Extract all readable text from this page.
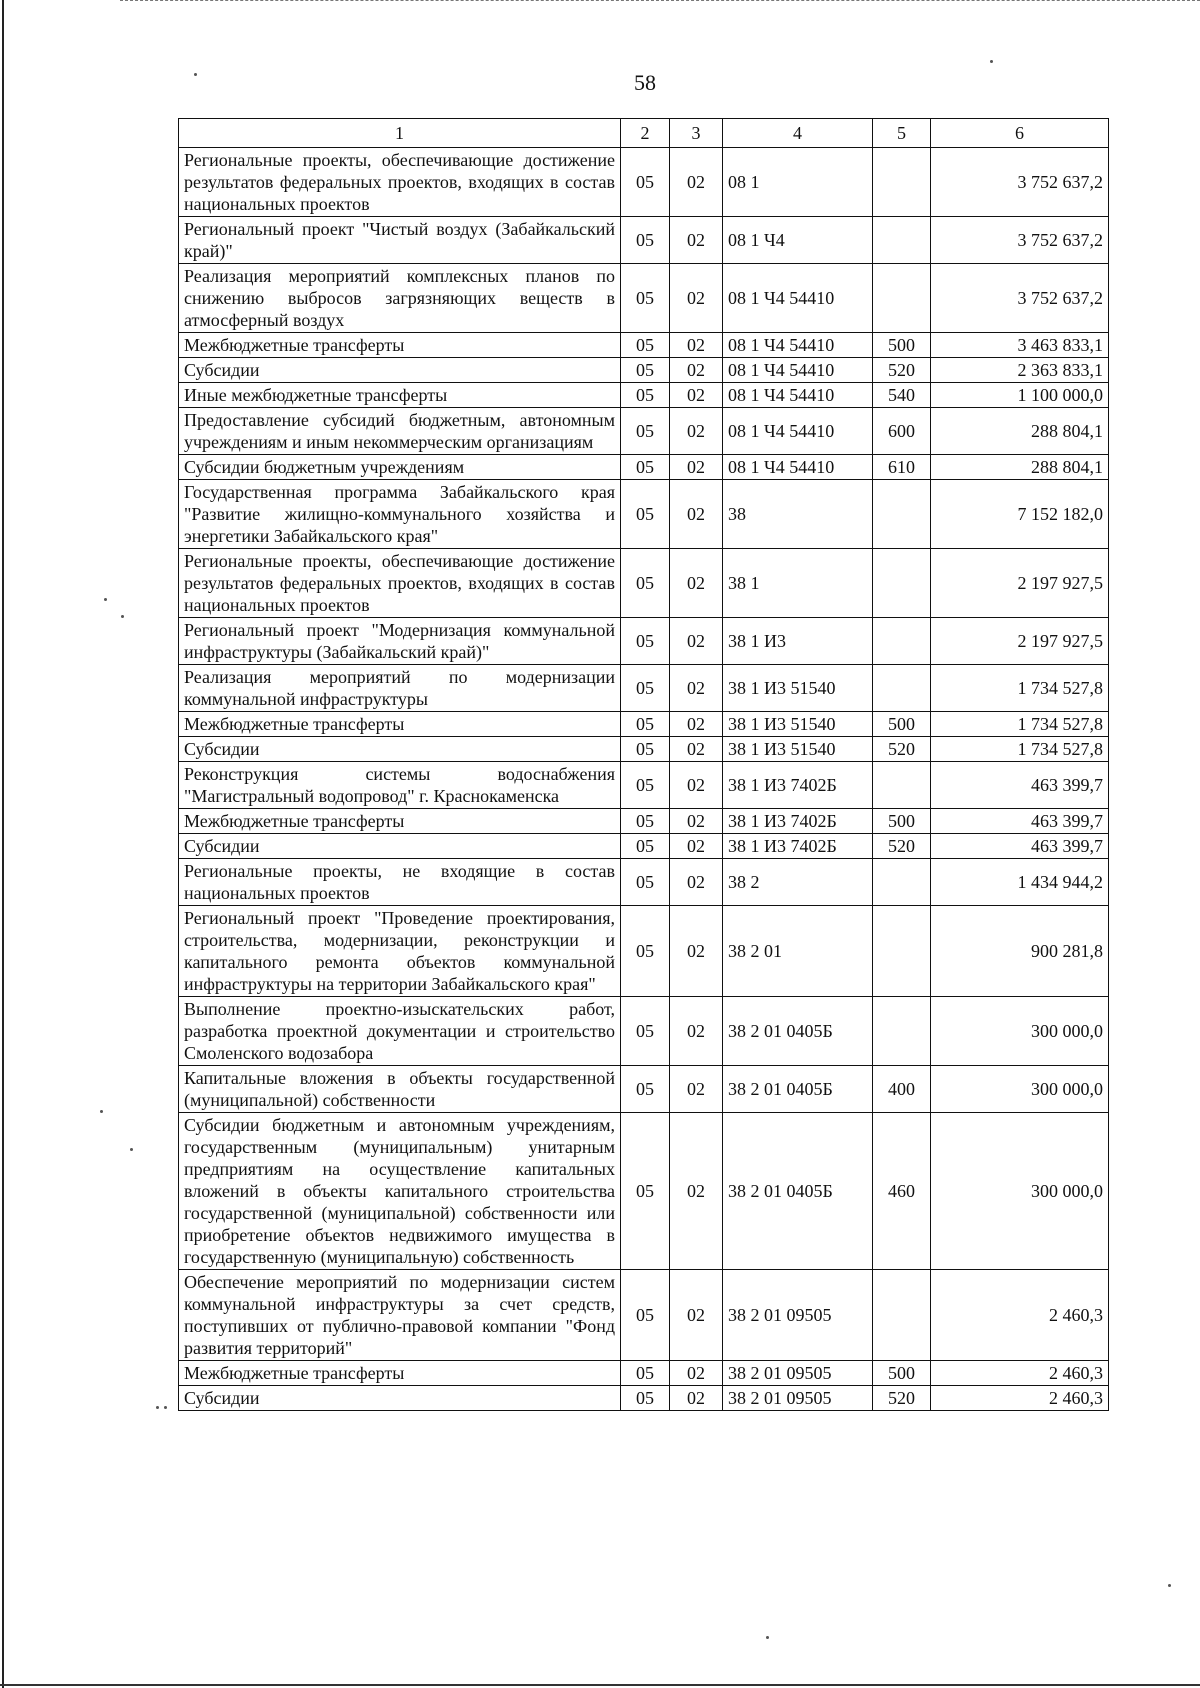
58
1	2	3	4	5	6
Региональные проекты, обеспечивающие достижение результатов федеральных проектов, входящих в состав национальных проектов	05	02	08 1		3 752 637,2
Региональный проект "Чистый воздух (Забайкальский край)"	05	02	08 1 Ч4		3 752 637,2
Реализация мероприятий комплексных планов по снижению выбросов загрязняющих веществ в атмосферный воздух	05	02	08 1 Ч4 54410		3 752 637,2
Межбюджетные трансферты	05	02	08 1 Ч4 54410	500	3 463 833,1
Субсидии	05	02	08 1 Ч4 54410	520	2 363 833,1
Иные межбюджетные трансферты	05	02	08 1 Ч4 54410	540	1 100 000,0
Предоставление субсидий бюджетным, автономным учреждениям и иным некоммерческим организациям	05	02	08 1 Ч4 54410	600	288 804,1
Субсидии бюджетным учреждениям	05	02	08 1 Ч4 54410	610	288 804,1
Государственная программа Забайкальского края "Развитие жилищно-коммунального хозяйства и энергетики Забайкальского края"	05	02	38		7 152 182,0
Региональные проекты, обеспечивающие достижение результатов федеральных проектов, входящих в состав национальных проектов	05	02	38 1		2 197 927,5
Региональный проект "Модернизация коммунальной инфраструктуры (Забайкальский край)"	05	02	38 1 И3		2 197 927,5
Реализация мероприятий по модернизации коммунальной инфраструктуры	05	02	38 1 И3 51540		1 734 527,8
Межбюджетные трансферты	05	02	38 1 И3 51540	500	1 734 527,8
Субсидии	05	02	38 1 И3 51540	520	1 734 527,8
Реконструкция системы водоснабжения "Магистральный водопровод" г. Краснокаменска	05	02	38 1 И3 7402Б		463 399,7
Межбюджетные трансферты	05	02	38 1 И3 7402Б	500	463 399,7
Субсидии	05	02	38 1 И3 7402Б	520	463 399,7
Региональные проекты, не входящие в состав национальных проектов	05	02	38 2		1 434 944,2
Региональный проект "Проведение проектирования, строительства, модернизации, реконструкции и капитального ремонта объектов коммунальной инфраструктуры на территории Забайкальского края"	05	02	38 2 01		900 281,8
Выполнение проектно-изыскательских работ, разработка проектной документации и строительство Смоленского водозабора	05	02	38 2 01 0405Б		300 000,0
Капитальные вложения в объекты государственной (муниципальной) собственности	05	02	38 2 01 0405Б	400	300 000,0
Субсидии бюджетным и автономным учреждениям, государственным (муниципальным) унитарным предприятиям на осуществление капитальных вложений в объекты капитального строительства государственной (муниципальной) собственности или приобретение объектов недвижимого имущества в государственную (муниципальную) собственность	05	02	38 2 01 0405Б	460	300 000,0
Обеспечение мероприятий по модернизации систем коммунальной инфраструктуры за счет средств, поступивших от публично-правовой компании "Фонд развития территорий"	05	02	38 2 01 09505		2 460,3
Межбюджетные трансферты	05	02	38 2 01 09505	500	2 460,3
Субсидии	05	02	38 2 01 09505	520	2 460,3
